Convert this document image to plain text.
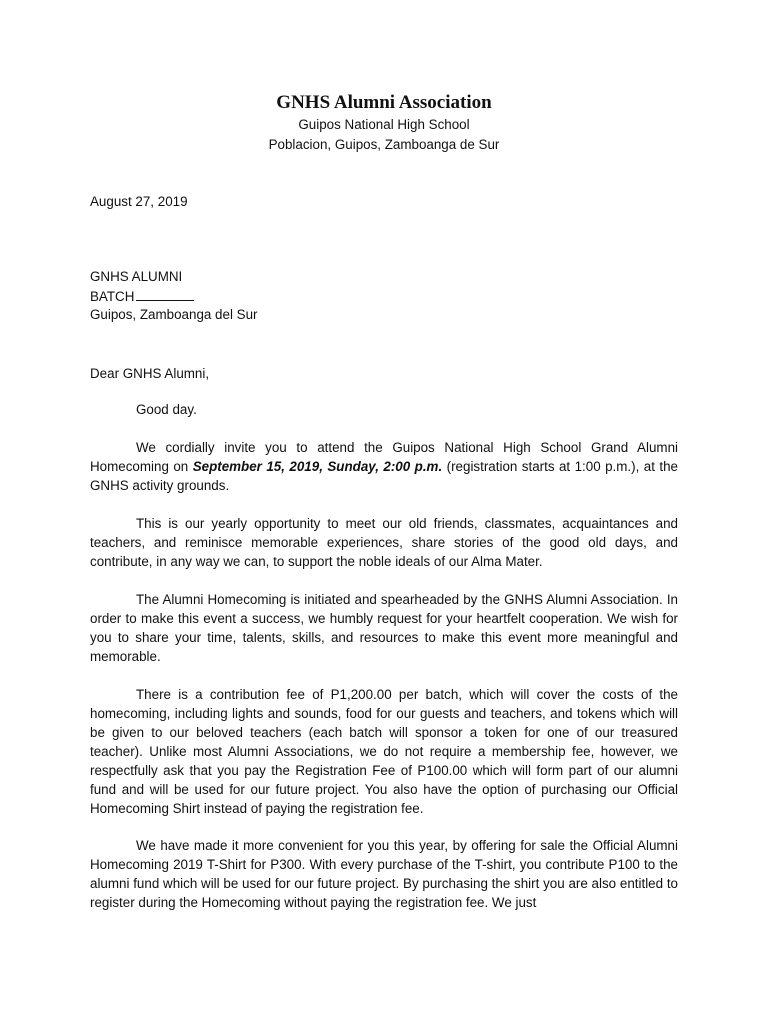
GNHS Alumni Association
Guipos National High School
Poblacion, Guipos, Zamboanga de Sur
August 27, 2019
GNHS ALUMNI
BATCH
Guipos, Zamboanga del Sur
Dear GNHS Alumni,
Good day.

We cordially invite you to attend the Guipos National High School Grand Alumni Homecoming on September 15, 2019, Sunday, 2:00 p.m. (registration starts at 1:00 p.m.), at the GNHS activity grounds.

This is our yearly opportunity to meet our old friends, classmates, acquaintances and teachers, and reminisce memorable experiences, share stories of the good old days, and contribute, in any way we can, to support the noble ideals of our Alma Mater.

The Alumni Homecoming is initiated and spearheaded by the GNHS Alumni Association. In order to make this event a success, we humbly request for your heartfelt cooperation. We wish for you to share your time, talents, skills, and resources to make this event more meaningful and memorable.

There is a contribution fee of P1,200.00 per batch, which will cover the costs of the homecoming, including lights and sounds, food for our guests and teachers, and tokens which will be given to our beloved teachers (each batch will sponsor a token for one of our treasured teacher). Unlike most Alumni Associations, we do not require a membership fee, however, we respectfully ask that you pay the Registration Fee of P100.00 which will form part of our alumni fund and will be used for our future project. You also have the option of purchasing our Official Homecoming Shirt instead of paying the registration fee.

We have made it more convenient for you this year, by offering for sale the Official Alumni Homecoming 2019 T-Shirt for P300. With every purchase of the T-shirt, you contribute P100 to the alumni fund which will be used for our future project. By purchasing the shirt you are also entitled to register during the Homecoming without paying the registration fee. We just
